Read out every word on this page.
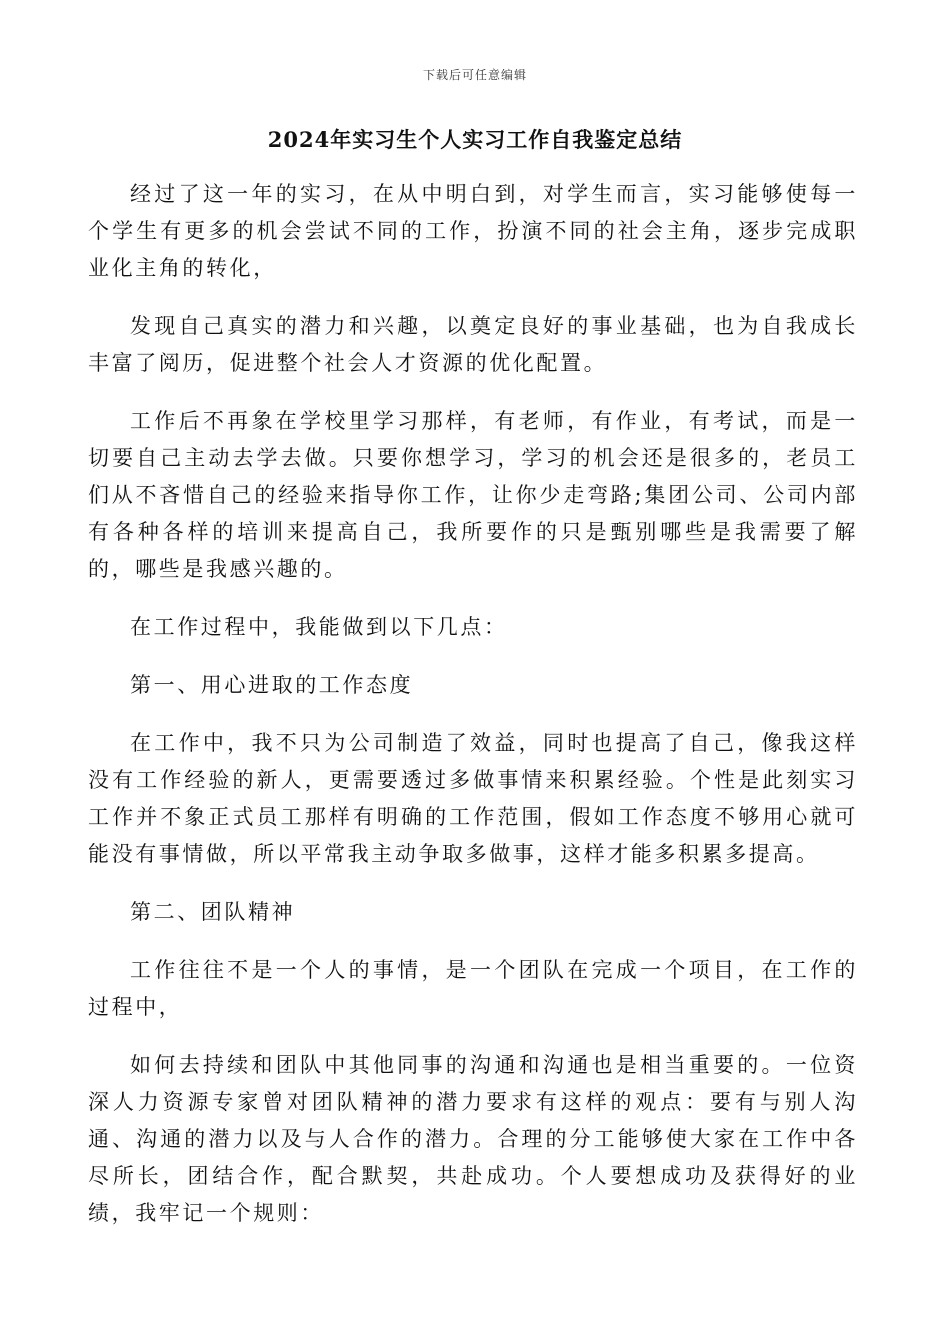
下载后可任意编辑
2024年实习生个人实习工作自我鉴定总结

经过了这一年的实习，在从中明白到，对学生而言，实习能够使每一个学生有更多的机会尝试不同的工作，扮演不同的社会主角，逐步完成职业化主角的转化，

发现自己真实的潜力和兴趣，以奠定良好的事业基础，也为自我成长丰富了阅历，促进整个社会人才资源的优化配置。

工作后不再象在学校里学习那样，有老师，有作业，有考试，而是一切要自己主动去学去做。只要你想学习，学习的机会还是很多的，老员工们从不吝惜自己的经验来指导你工作，让你少走弯路;集团公司、公司内部有各种各样的培训来提高自己，我所要作的只是甄别哪些是我需要了解的，哪些是我感兴趣的。

在工作过程中，我能做到以下几点：

第一、用心进取的工作态度

在工作中，我不只为公司制造了效益，同时也提高了自己，像我这样没有工作经验的新人，更需要透过多做事情来积累经验。个性是此刻实习工作并不象正式员工那样有明确的工作范围，假如工作态度不够用心就可能没有事情做，所以平常我主动争取多做事，这样才能多积累多提高。

第二、团队精神

工作往往不是一个人的事情，是一个团队在完成一个项目，在工作的过程中，

如何去持续和团队中其他同事的沟通和沟通也是相当重要的。一位资深人力资源专家曾对团队精神的潜力要求有这样的观点：要有与别人沟通、沟通的潜力以及与人合作的潜力。合理的分工能够使大家在工作中各尽所长，团结合作，配合默契，共赴成功。个人要想成功及获得好的业绩，我牢记一个规则：
